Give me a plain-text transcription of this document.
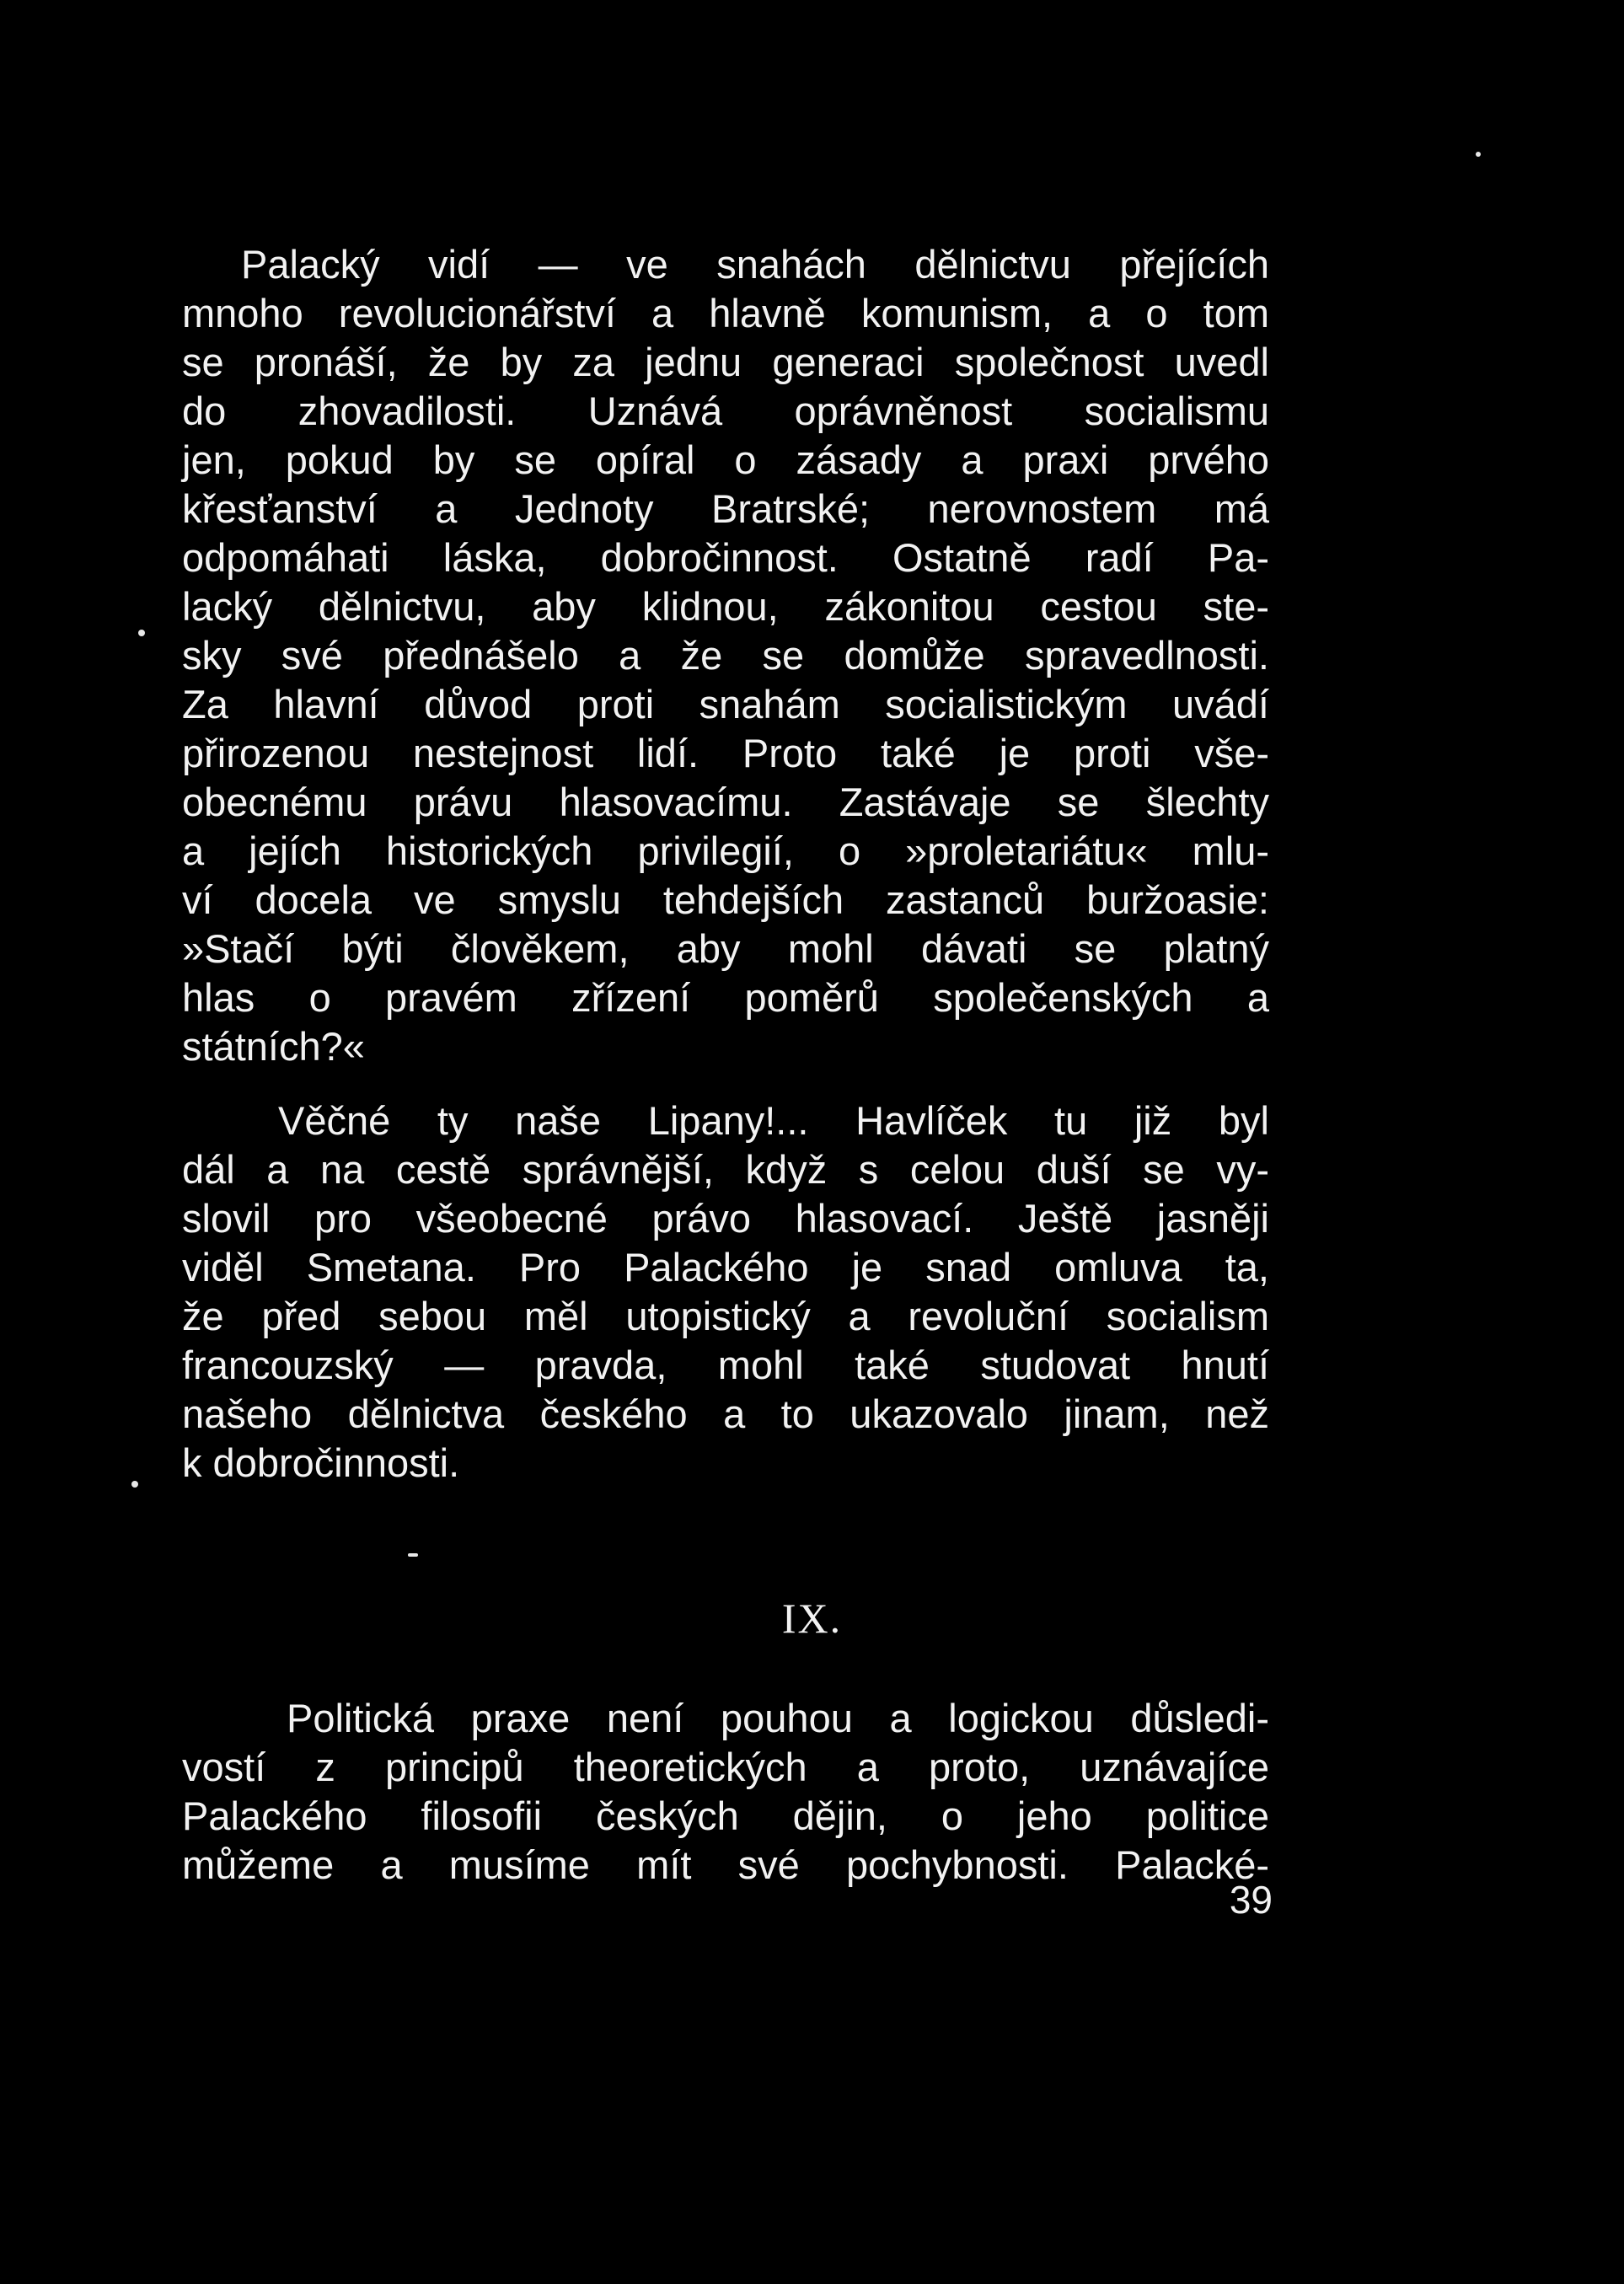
Palacký vidí — ve snahách dělnictvu přejících
mnoho revolucionářství a hlavně komunism, a o tom
se pronáší, že by za jednu generaci společnost uvedl
do zhovadilosti. Uznává oprávněnost socialismu
jen, pokud by se opíral o zásady a praxi prvého
křesťanství a Jednoty Bratrské; nerovnostem má
odpomáhati láska, dobročinnost. Ostatně radí Pa-
lacký dělnictvu, aby klidnou, zákonitou cestou ste-
sky své přednášelo a že se domůže spravedlnosti.
Za hlavní důvod proti snahám socialistickým uvádí
přirozenou nestejnost lidí. Proto také je proti vše-
obecnému právu hlasovacímu. Zastávaje se šlechty
a jejích historických privilegií, o »proletariátu« mlu-
ví docela ve smyslu tehdejších zastanců buržoasie:
»Stačí býti člověkem, aby mohl dávati se platný
hlas o pravém zřízení poměrů společenských a
státních?«
Věčné ty naše Lipany!... Havlíček tu již byl
dál a na cestě správnější, když s celou duší se vy-
slovil pro všeobecné právo hlasovací. Ještě jasněji
viděl Smetana. Pro Palackého je snad omluva ta,
že před sebou měl utopistický a revoluční socialism
francouzský — pravda, mohl také studovat hnutí
našeho dělnictva českého a to ukazovalo jinam, než
k dobročinnosti.
IX.
Politická praxe není pouhou a logickou důsledi-
vostí z principů theoretických a proto, uznávajíce
Palackého filosofii českých dějin, o jeho politice
můžeme a musíme mít své pochybnosti. Palacké-
39
